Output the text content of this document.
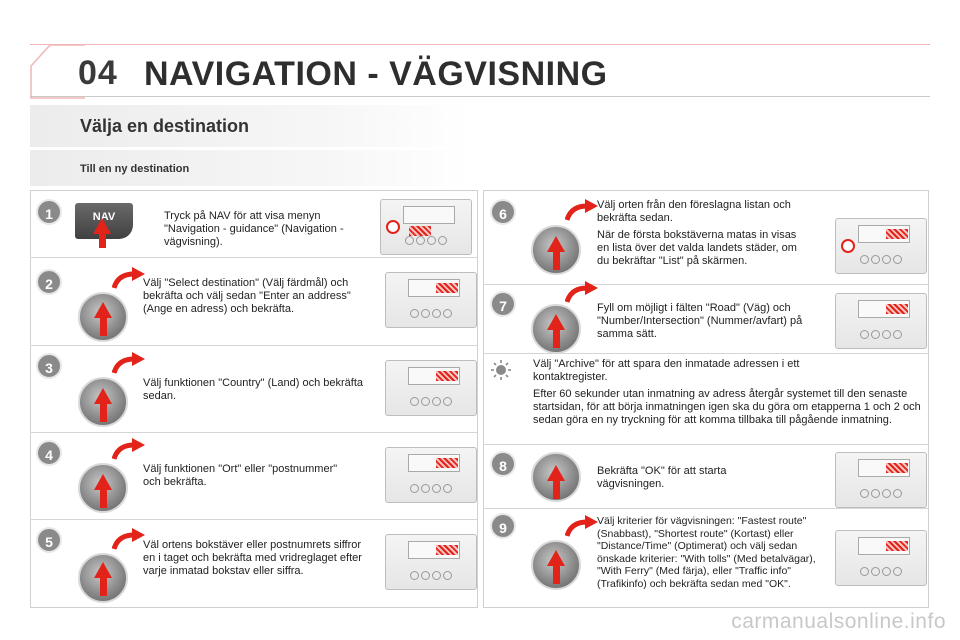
04 NAVIGATION - VÄGVISNING
Välja en destination
Till en ny destination
1	NAV	Tryck på NAV för att visa menyn "Navigation - guidance" (Navigation - vägvisning).
2	Välj "Select destination" (Välj färdmål) och bekräfta och välj sedan "Enter an address" (Ange en adress) och bekräfta.
3
Välj funktionen "Country" (Land) och bekräfta sedan.
4
Välj funktionen "Ort" eller "postnummer" och bekräfta.
5	Väl ortens bokstäver eller postnumrets siffror en i taget och bekräfta med vridreglaget efter varje inmatad bokstav eller siffra.
6
Välj orten från den föreslagna listan och bekräfta sedan.
När de första bokstäverna matas in visas en lista över det valda landets städer, om du bekräftar "List" på skärmen.
7	Fyll om möjligt i fälten "Road" (Väg) och "Number/Intersection" (Nummer/avfart) på samma sätt.
Välj "Archive" för att spara den inmatade adressen i ett kontaktregister.
Efter 60 sekunder utan inmatning av adress återgår systemet till den senaste startsidan, för att börja inmatningen igen ska du göra om etapperna 1 och 2 och sedan göra en ny tryckning för att komma tillbaka till pågående inmatning.
8	Bekräfta "OK" för att starta vägvisningen.
9	Välj kriterier för vägvisningen: "Fastest route" (Snabbast), "Shortest route" (Kortast) eller "Distance/Time" (Optimerat) och välj sedan önskade kriterier: "With tolls" (Med betalvägar), "With Ferry" (Med färja), eller "Traffic info" (Trafikinfo) och bekräfta sedan med "OK".
carmanualsonline.info
